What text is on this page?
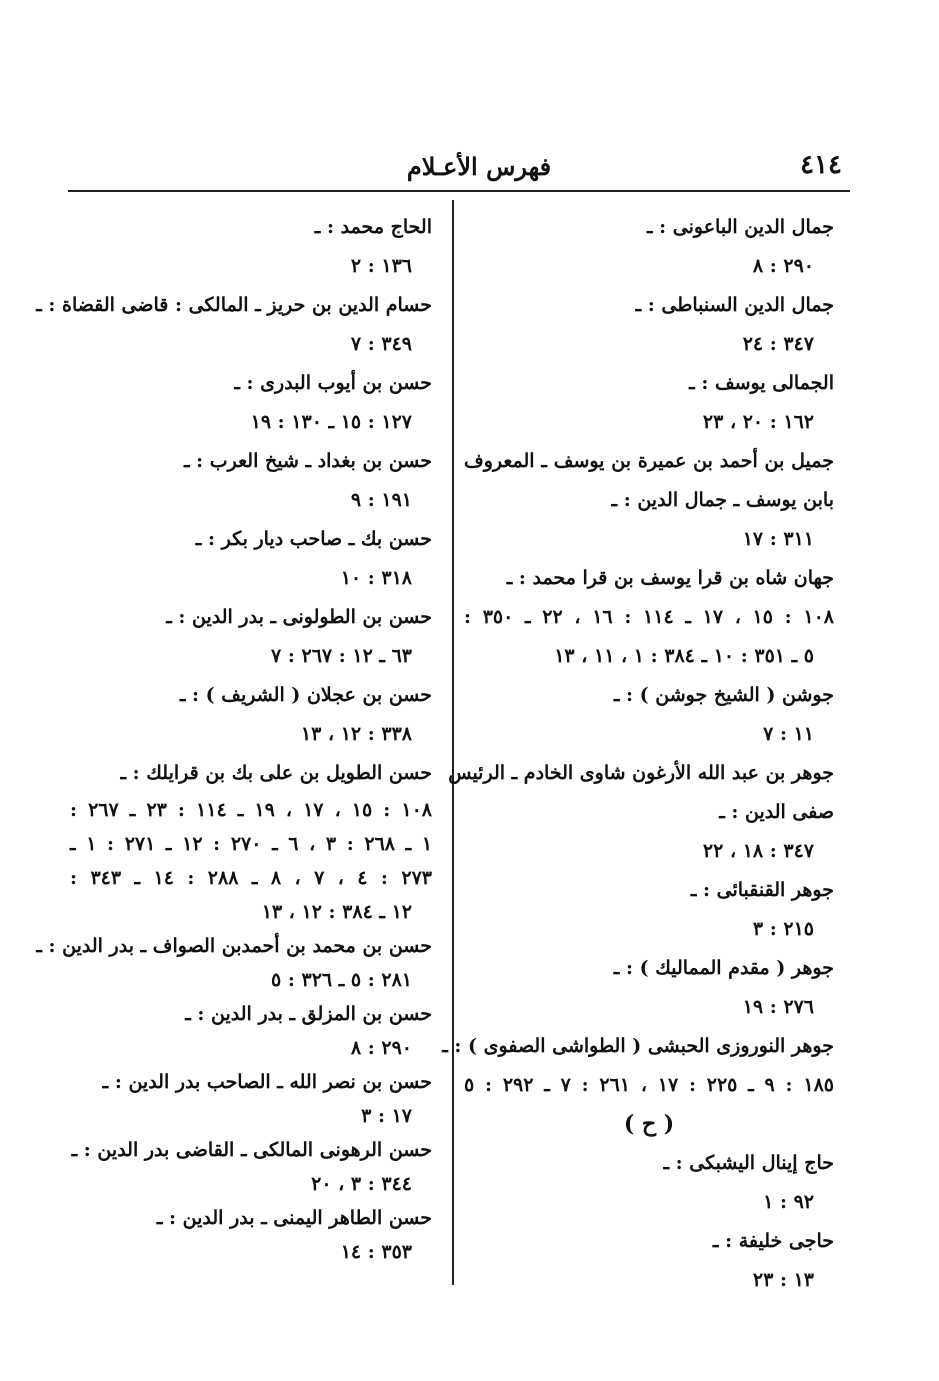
٤١٤
فهرس الأعـلام
جمال الدين الباعونى : ـ
٢٩٠ : ٨
جمال الدين السنباطى : ـ
٣٤٧ : ٢٤
الجمالى يوسف : ـ
١٦٢ : ٢٠ ، ٢٣
جميل بن أحمد بن عميرة بن يوسف ـ المعروف
بابن يوسف ـ جمال الدين : ـ
٣١١ : ١٧
جهان شاه بن قرا يوسف بن قرا محمد : ـ
١٠٨ : ١٥ ، ١٧ ـ ١١٤ : ١٦ ، ٢٢ ـ ٣٥٠ :
٥ ـ ٣٥١ : ١٠ ـ ٣٨٤ : ١ ، ١١ ، ١٣
جوشن ( الشيخ جوشن ) : ـ
١١ : ٧
جوهر بن عبد الله الأرغون شاوى الخادم ـ الرئيس
صفى الدين : ـ
٣٤٧ : ١٨ ، ٢٢
جوهر القنقبائى : ـ
٢١٥ : ٣
جوهر ( مقدم المماليك ) : ـ
٢٧٦ : ١٩
جوهر النوروزى الحبشى ( الطواشى الصفوى ) : ـ
١٨٥ : ٩ ـ ٢٢٥ : ١٧ ، ٢٦١ : ٧ ـ ٢٩٢ : ٥
( ح )
حاج إينال اليشبكى : ـ
٩٢ : ١
حاجى خليفة : ـ
١٣ : ٢٣
الحاج محمد : ـ
١٣٦ : ٢
حسام الدين بن حريز ـ المالكى : قاضى القضاة : ـ
٣٤٩ : ٧
حسن بن أيوب البدرى : ـ
١٢٧ : ١٥ ـ ١٣٠ : ١٩
حسن بن بغداد ـ شيخ العرب : ـ
١٩١ : ٩
حسن بك ـ صاحب ديار بكر : ـ
٣١٨ : ١٠
حسن بن الطولونى ـ بدر الدين : ـ
٦٣ ـ ١٢ : ٢٦٧ : ٧
حسن بن عجلان ( الشريف ) : ـ
٣٣٨ : ١٢ ، ١٣
حسن الطويل بن على بك بن قرايلك : ـ
١٠٨ : ١٥ ، ١٧ ، ١٩ ـ ١١٤ : ٢٣ ـ ٢٦٧ :
١ ـ ٢٦٨ : ٣ ، ٦ ـ ٢٧٠ : ١٢ ـ ٢٧١ : ١ ـ
٢٧٣ : ٤ ، ٧ ، ٨ ـ ٢٨٨ : ١٤ ـ ٣٤٣ :
١٢ ـ ٣٨٤ : ١٢ ، ١٣
حسن بن محمد بن أحمدبن الصواف ـ بدر الدين : ـ
٢٨١ : ٥ ـ ٣٢٦ : ٥
حسن بن المزلق ـ بدر الدين : ـ
٢٩٠ : ٨
حسن بن نصر الله ـ الصاحب بدر الدين : ـ
١٧ : ٣
حسن الرهونى المالكى ـ القاضى بدر الدين : ـ
٣٤٤ : ٣ ، ٢٠
حسن الطاهر اليمنى ـ بدر الدين : ـ
٣٥٣ : ١٤
